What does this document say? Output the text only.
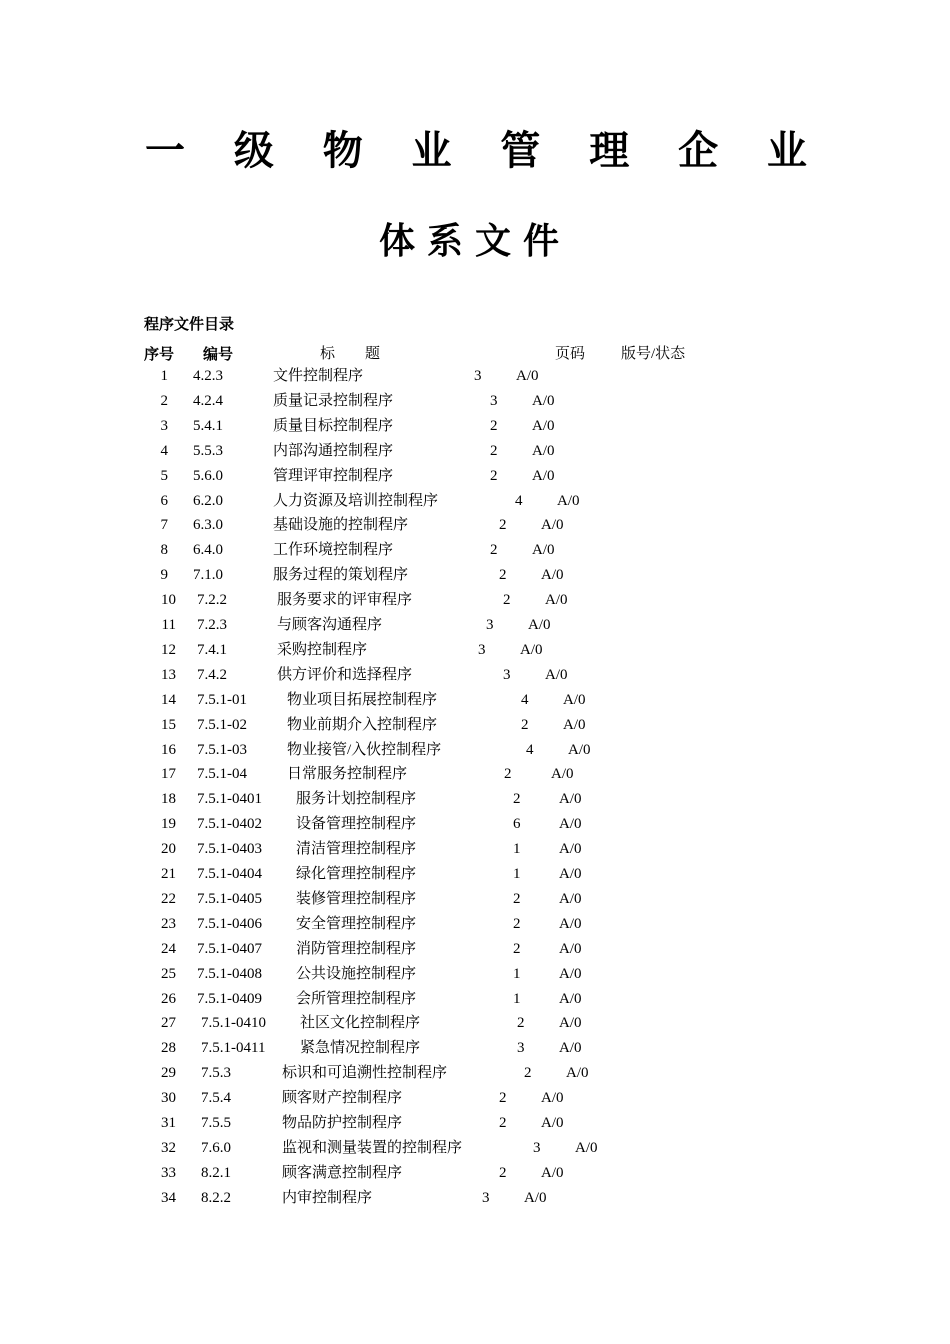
一 级 物 业 管 理 企 业
体系文件
程序文件目录
序号 编号	标　　题	页码 版号/状态
1 4.2.3	文件控制程序	3 A/0
2 4.2.4	质量记录控制程序	3 A/0
3 5.4.1	质量目标控制程序	2 A/0
4 5.5.3	内部沟通控制程序	2 A/0
5 5.6.0	管理评审控制程序	2 A/0
6 6.2.0	人力资源及培训控制程序	4 A/0
7 6.3.0	基础设施的控制程序	2 A/0
8 6.4.0	工作环境控制程序	2 A/0
9 7.1.0	服务过程的策划程序	2 A/0
10 7.2.2	服务要求的评审程序	2 A/0
11 7.2.3	与顾客沟通程序	3 A/0
12 7.4.1	采购控制程序	3 A/0
13 7.4.2	供方评价和选择程序	3 A/0
14 7.5.1-01	物业项目拓展控制程序	4 A/0
15 7.5.1-02	物业前期介入控制程序	2 A/0
16 7.5.1-03	物业接管/入伙控制程序	4 A/0
17 7.5.1-04	日常服务控制程序	2	A/0
18 7.5.1-0401 服务计划控制程序	2	A/0
19 7.5.1-0402 设备管理控制程序	6	A/0
20 7.5.1-0403 清洁管理控制程序	1	A/0
21 7.5.1-0404 绿化管理控制程序	1	A/0
22 7.5.1-0405 装修管理控制程序	2	A/0
23 7.5.1-0406 安全管理控制程序	2	A/0
24 7.5.1-0407 消防管理控制程序	2	A/0
25 7.5.1-0408 公共设施控制程序	1	A/0
26 7.5.1-0409 会所管理控制程序	1	A/0
27 7.5.1-0410 社区文化控制程序	2 A/0
28 7.5.1-0411 紧急情况控制程序	3 A/0
29 7.5.3	标识和可追溯性控制程序	2 A/0
30 7.5.4	顾客财产控制程序	2 A/0
31 7.5.5	物品防护控制程序	2 A/0
32 7.6.0	监视和测量装置的控制程序	3 A/0
33 8.2.1	顾客满意控制程序	2 A/0
34 8.2.2	内审控制程序	3 A/0
